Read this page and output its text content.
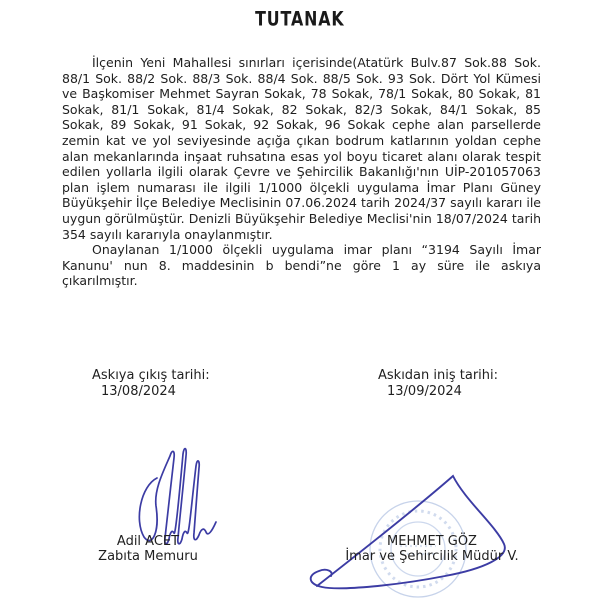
TUTANAK

İlçenin Yeni Mahallesi sınırları içerisinde(Atatürk Bulv.87 Sok.88 Sok. 88/1 Sok. 88/2 Sok. 88/3 Sok. 88/4 Sok. 88/5 Sok. 93 Sok. Dört Yol Kümesi ve Başkomiser Mehmet Sayran Sokak, 78 Sokak, 78/1 Sokak, 80 Sokak, 81 Sokak, 81/1 Sokak, 81/4 Sokak, 82 Sokak, 82/3 Sokak, 84/1 Sokak, 85 Sokak, 89 Sokak, 91 Sokak, 92 Sokak, 96 Sokak cephe alan parsellerde zemin kat ve yol seviyesinde açığa çıkan bodrum katlarının yoldan cephe alan mekanlarında inşaat ruhsatına esas yol boyu ticaret alanı olarak tespit edilen yollarla ilgili olarak Çevre ve Şehircilik Bakanlığı'nın UİP-201057063 plan işlem numarası ile ilgili 1/1000 ölçekli uygulama İmar Planı Güney Büyükşehir İlçe Belediye Meclisinin 07.06.2024 tarih 2024/37 sayılı kararı ile uygun görülmüştür. Denizli Büyükşehir Belediye Meclisi'nin 18/07/2024 tarih 354 sayılı kararıyla onaylanmıştır.

Onaylanan 1/1000 ölçekli uygulama imar planı “3194 Sayılı İmar Kanunu' nun 8. maddesinin b bendi”ne göre 1 ay süre ile askıya çıkarılmıştır.

Askıya çıkış tarihi:
13/08/2024
Askıdan iniş tarihi:
13/09/2024
Adil ACET
Zabıta Memuru
MEHMET GÖZ
İmar ve Şehircilik Müdür V.
